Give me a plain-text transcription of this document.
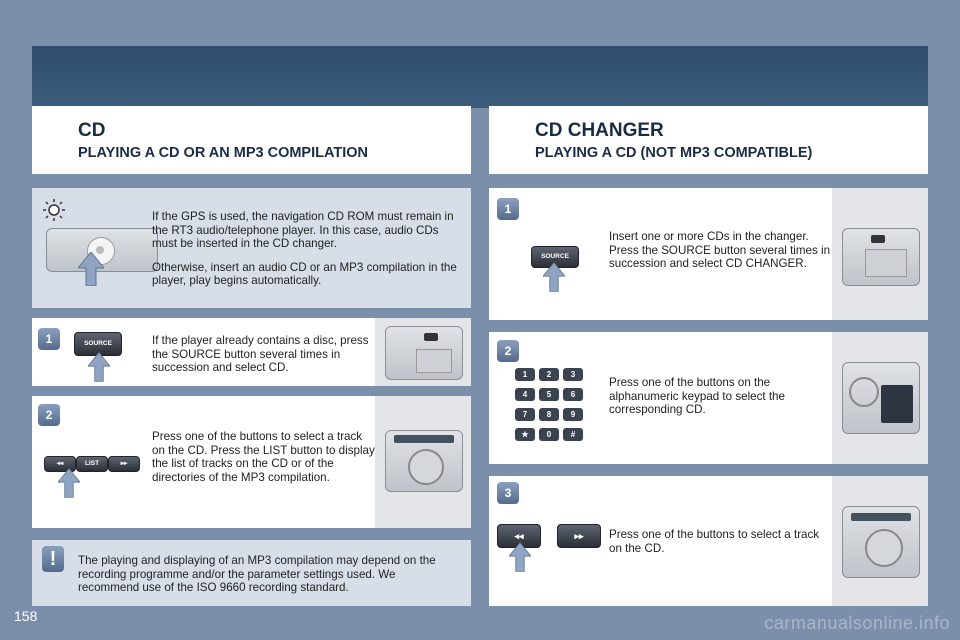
CD
PLAYING A CD OR AN MP3 COMPILATION
CD CHANGER
PLAYING A CD (NOT MP3 COMPATIBLE)

If the GPS is used, the navigation CD ROM must remain in the RT3 audio/telephone player. In this case, audio CDs must be inserted in the CD changer.

Otherwise, insert an audio CD or an MP3 compilation in the player, play begins automatically.

1	SOURCE	If the player already contains a disc, press the SOURCE button several times in succession and select CD.
2
◂◂	LIST	▸▸
Press one of the buttons to select a track on the CD. Press the LIST button to display the list of tracks on the CD or of the directories of the MP3 compilation.
!	The playing and displaying of an MP3 compilation may depend on the recording programme and/or the parameter settings used. We recommend use of the ISO 9660 recording standard.
1
SOURCE
Insert one or more CDs in the changer. Press the SOURCE button several times in succession and select CD CHANGER.
2
1	2	3
4	5	6
7	8	9
★	0	#
Press one of the buttons on the alphanumeric keypad to select the corresponding CD.
3
◂◂	▸▸	Press one of the buttons to select a track on the CD.
158	carmanualsonline.info
